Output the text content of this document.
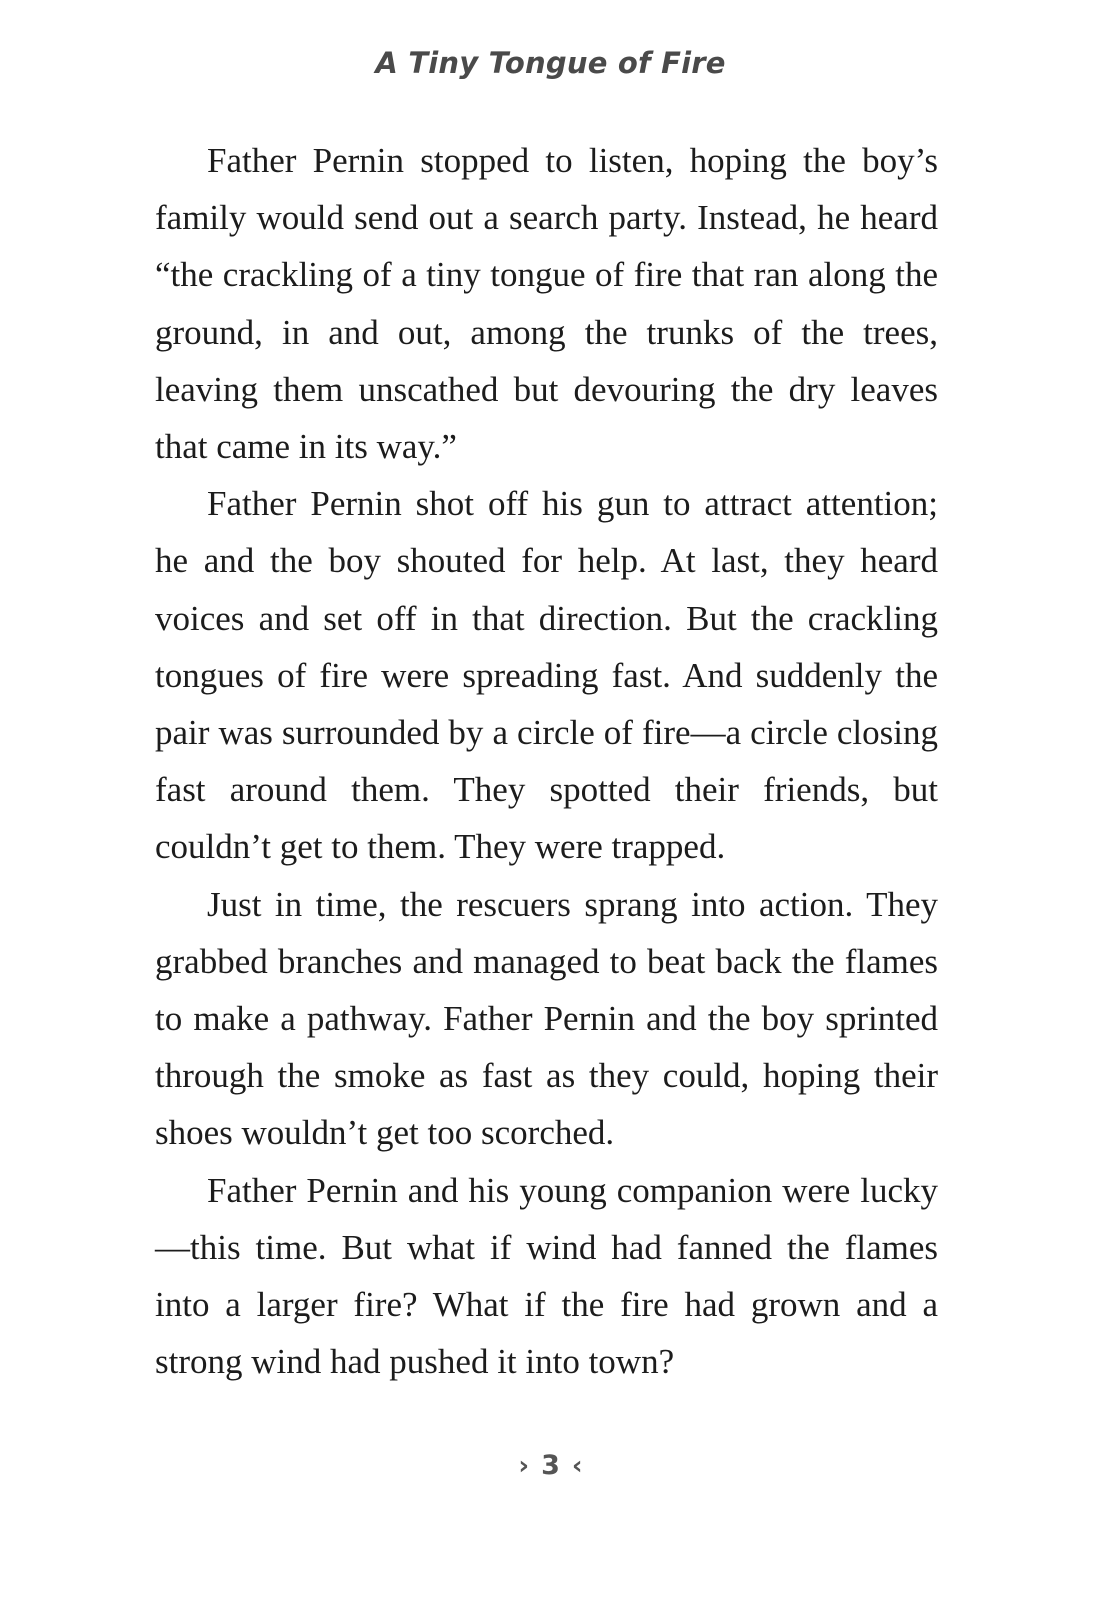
A Tiny Tongue of Fire

Father Pernin stopped to listen, hoping the boy’s family would send out a search party. Instead, he heard “the crackling of a tiny tongue of fire that ran along the ground, in and out, among the trunks of the trees, leaving them unscathed but devouring the dry leaves that came in its way.”

Father Pernin shot off his gun to attract attention; he and the boy shouted for help. At last, they heard voices and set off in that direction. But the crackling tongues of fire were spreading fast. And suddenly the pair was surrounded by a circle of fire—a circle closing fast around them. They spotted their friends, but couldn’t get to them. They were trapped.

Just in time, the rescuers sprang into action. They grabbed branches and managed to beat back the flames to make a pathway. Father Pernin and the boy sprinted through the smoke as fast as they could, hoping their shoes wouldn’t get too scorched.

Father Pernin and his young companion were lucky—this time. But what if wind had fanned the flames into a larger fire? What if the fire had grown and a strong wind had pushed it into town?

› 3 ‹
